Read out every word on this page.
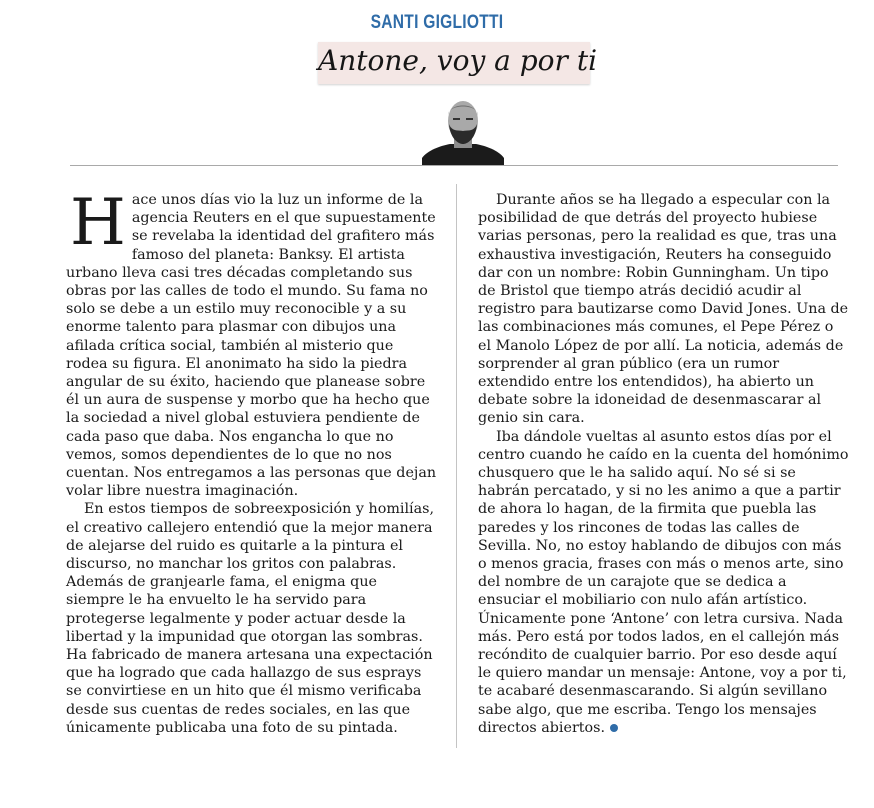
SANTI GIGLIOTTI
Antone, voy a por ti

Hace unos días vio la luz un informe de la agencia Reuters en el que supuestamente se revelaba la identidad del grafitero más famoso del planeta: Banksy. El artista urbano lleva casi tres décadas completando sus obras por las calles de todo el mundo. Su fama no solo se debe a un estilo muy reconocible y a su enorme talento para plasmar con dibujos una afilada crítica social, también al misterio que rodea su figura. El anonimato ha sido la piedra angular de su éxito, haciendo que planease sobre él un aura de suspense y morbo que ha hecho que la sociedad a nivel global estuviera pendiente de cada paso que daba. Nos engancha lo que no vemos, somos dependientes de lo que no nos cuentan. Nos entregamos a las personas que dejan volar libre nuestra imaginación.

En estos tiempos de sobreexposición y homilías, el creativo callejero entendió que la mejor manera de alejarse del ruido es quitarle a la pintura el discurso, no manchar los gritos con palabras. Además de granjearle fama, el enigma que siempre le ha envuelto le ha servido para protegerse legalmente y poder actuar desde la libertad y la impunidad que otorgan las sombras. Ha fabricado de manera artesana una expectación que ha logrado que cada hallazgo de sus esprays se convirtiese en un hito que él mismo verificaba desde sus cuentas de redes sociales, en las que únicamente publicaba una foto de su pintada.

Durante años se ha llegado a especular con la posibilidad de que detrás del proyecto hubiese varias personas, pero la realidad es que, tras una exhaustiva investigación, Reuters ha conseguido dar con un nombre: Robin Gunningham. Un tipo de Bristol que tiempo atrás decidió acudir al registro para bautizarse como David Jones. Una de las combinaciones más comunes, el Pepe Pérez o el Manolo López de por allí. La noticia, además de sorprender al gran público (era un rumor extendido entre los entendidos), ha abierto un debate sobre la idoneidad de desenmascarar al genio sin cara.

Iba dándole vueltas al asunto estos días por el centro cuando he caído en la cuenta del homónimo chusquero que le ha salido aquí. No sé si se habrán percatado, y si no les animo a que a partir de ahora lo hagan, de la firmita que puebla las paredes y los rincones de todas las calles de Sevilla. No, no estoy hablando de dibujos con más o menos gracia, frases con más o menos arte, sino del nombre de un carajote que se dedica a ensuciar el mobiliario con nulo afán artístico. Únicamente pone ‘Antone’ con letra cursiva. Nada más. Pero está por todos lados, en el callejón más recóndito de cualquier barrio. Por eso desde aquí le quiero mandar un mensaje: Antone, voy a por ti, te acabaré desenmascarando. Si algún sevillano sabe algo, que me escriba. Tengo los mensajes directos abiertos.
